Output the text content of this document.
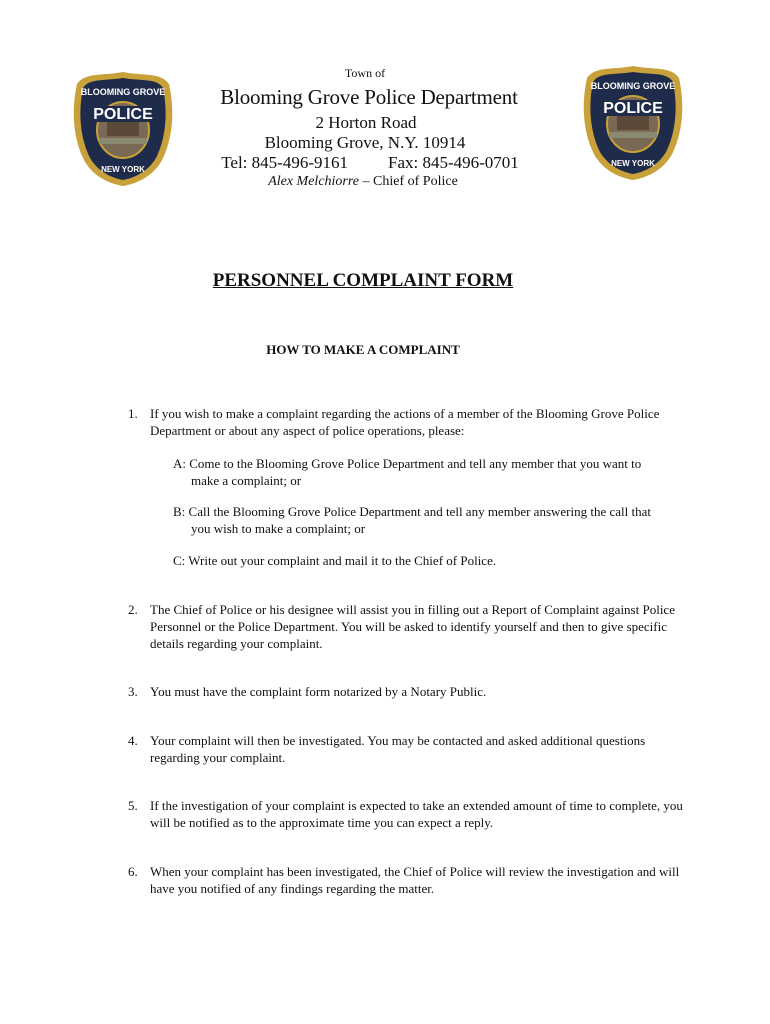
BLOOMING GROVE
POLICE
NEW YORK
BLOOMING GROVE
POLICE
NEW YORK
Town of
Blooming Grove Police Department
2 Horton Road
Blooming Grove, N.Y. 10914
Tel: 845-496-9161 Fax: 845-496-0701
Alex Melchiorre – Chief of Police
PERSONNEL COMPLAINT FORM
HOW TO MAKE A COMPLAINT
1. If you wish to make a complaint regarding the actions of a member of the Blooming Grove Police Department or about any aspect of police operations, please:
A: Come to the Blooming Grove Police Department and tell any member that you want to make a complaint; or
B: Call the Blooming Grove Police Department and tell any member answering the call that you wish to make a complaint; or
C: Write out your complaint and mail it to the Chief of Police.
2. The Chief of Police or his designee will assist you in filling out a Report of Complaint against Police Personnel or the Police Department. You will be asked to identify yourself and then to give specific details regarding your complaint.
3. You must have the complaint form notarized by a Notary Public.
4. Your complaint will then be investigated. You may be contacted and asked additional questions regarding your complaint.
5. If the investigation of your complaint is expected to take an extended amount of time to complete, you will be notified as to the approximate time you can expect a reply.
6. When your complaint has been investigated, the Chief of Police will review the investigation and will have you notified of any findings regarding the matter.
